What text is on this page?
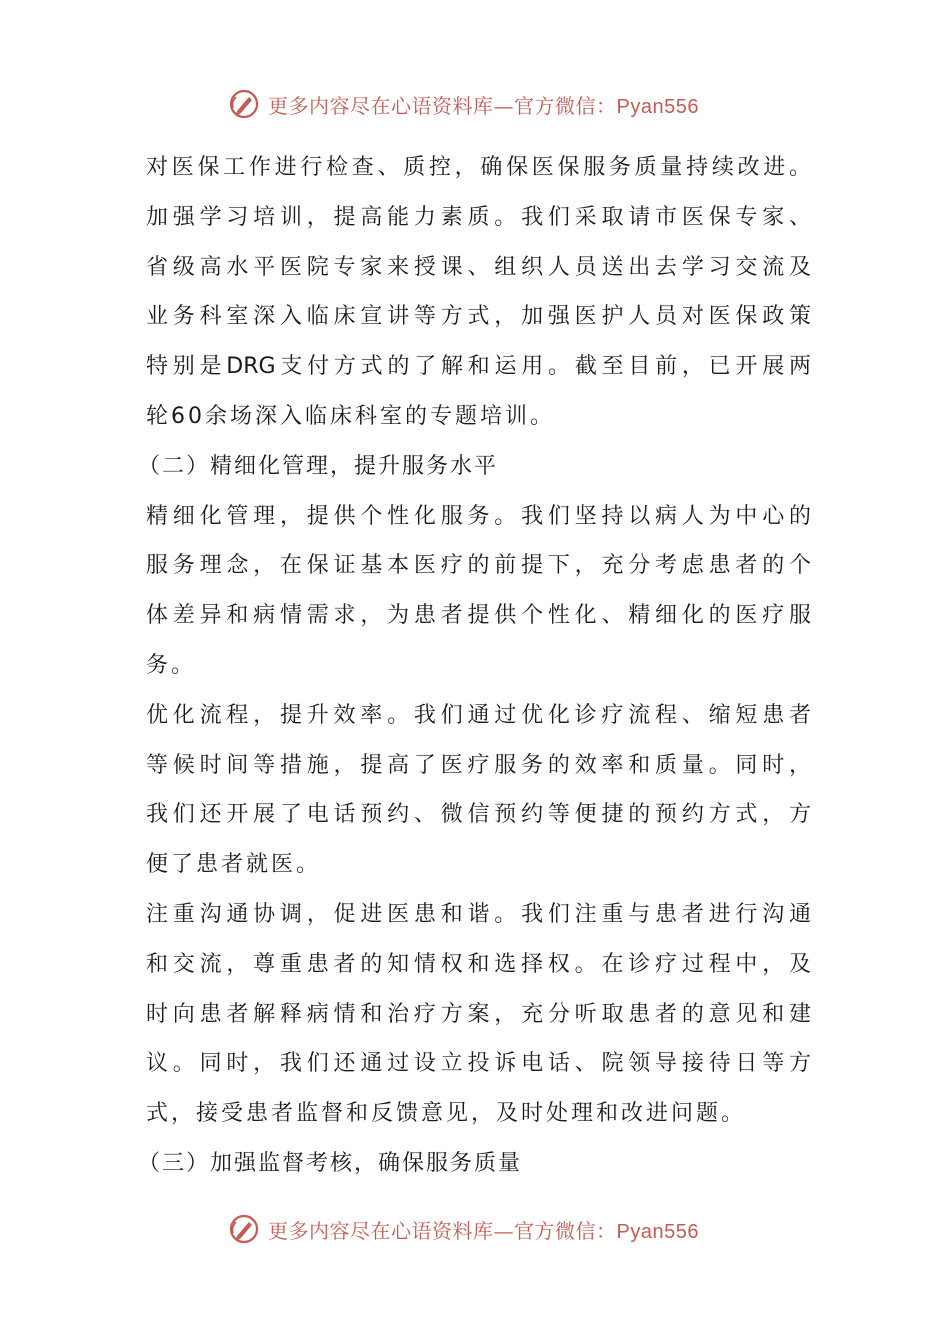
更多内容尽在心语资料库—官方微信：Pyan556
对医保工作进行检查、质控，确保医保服务质量持续改进。
加强学习培训，提高能力素质。我们采取请市医保专家、
省级高水平医院专家来授课、组织人员送出去学习交流及
业务科室深入临床宣讲等方式，加强医护人员对医保政策
特别是DRG支付方式的了解和运用。截至目前，已开展两
轮60余场深入临床科室的专题培训。
（二）精细化管理，提升服务水平
精细化管理，提供个性化服务。我们坚持以病人为中心的
服务理念，在保证基本医疗的前提下，充分考虑患者的个
体差异和病情需求，为患者提供个性化、精细化的医疗服
务。
优化流程，提升效率。我们通过优化诊疗流程、缩短患者
等候时间等措施，提高了医疗服务的效率和质量。同时，
我们还开展了电话预约、微信预约等便捷的预约方式，方
便了患者就医。
注重沟通协调，促进医患和谐。我们注重与患者进行沟通
和交流，尊重患者的知情权和选择权。在诊疗过程中，及
时向患者解释病情和治疗方案，充分听取患者的意见和建
议。同时，我们还通过设立投诉电话、院领导接待日等方
式，接受患者监督和反馈意见，及时处理和改进问题。
（三）加强监督考核，确保服务质量
更多内容尽在心语资料库—官方微信：Pyan556
